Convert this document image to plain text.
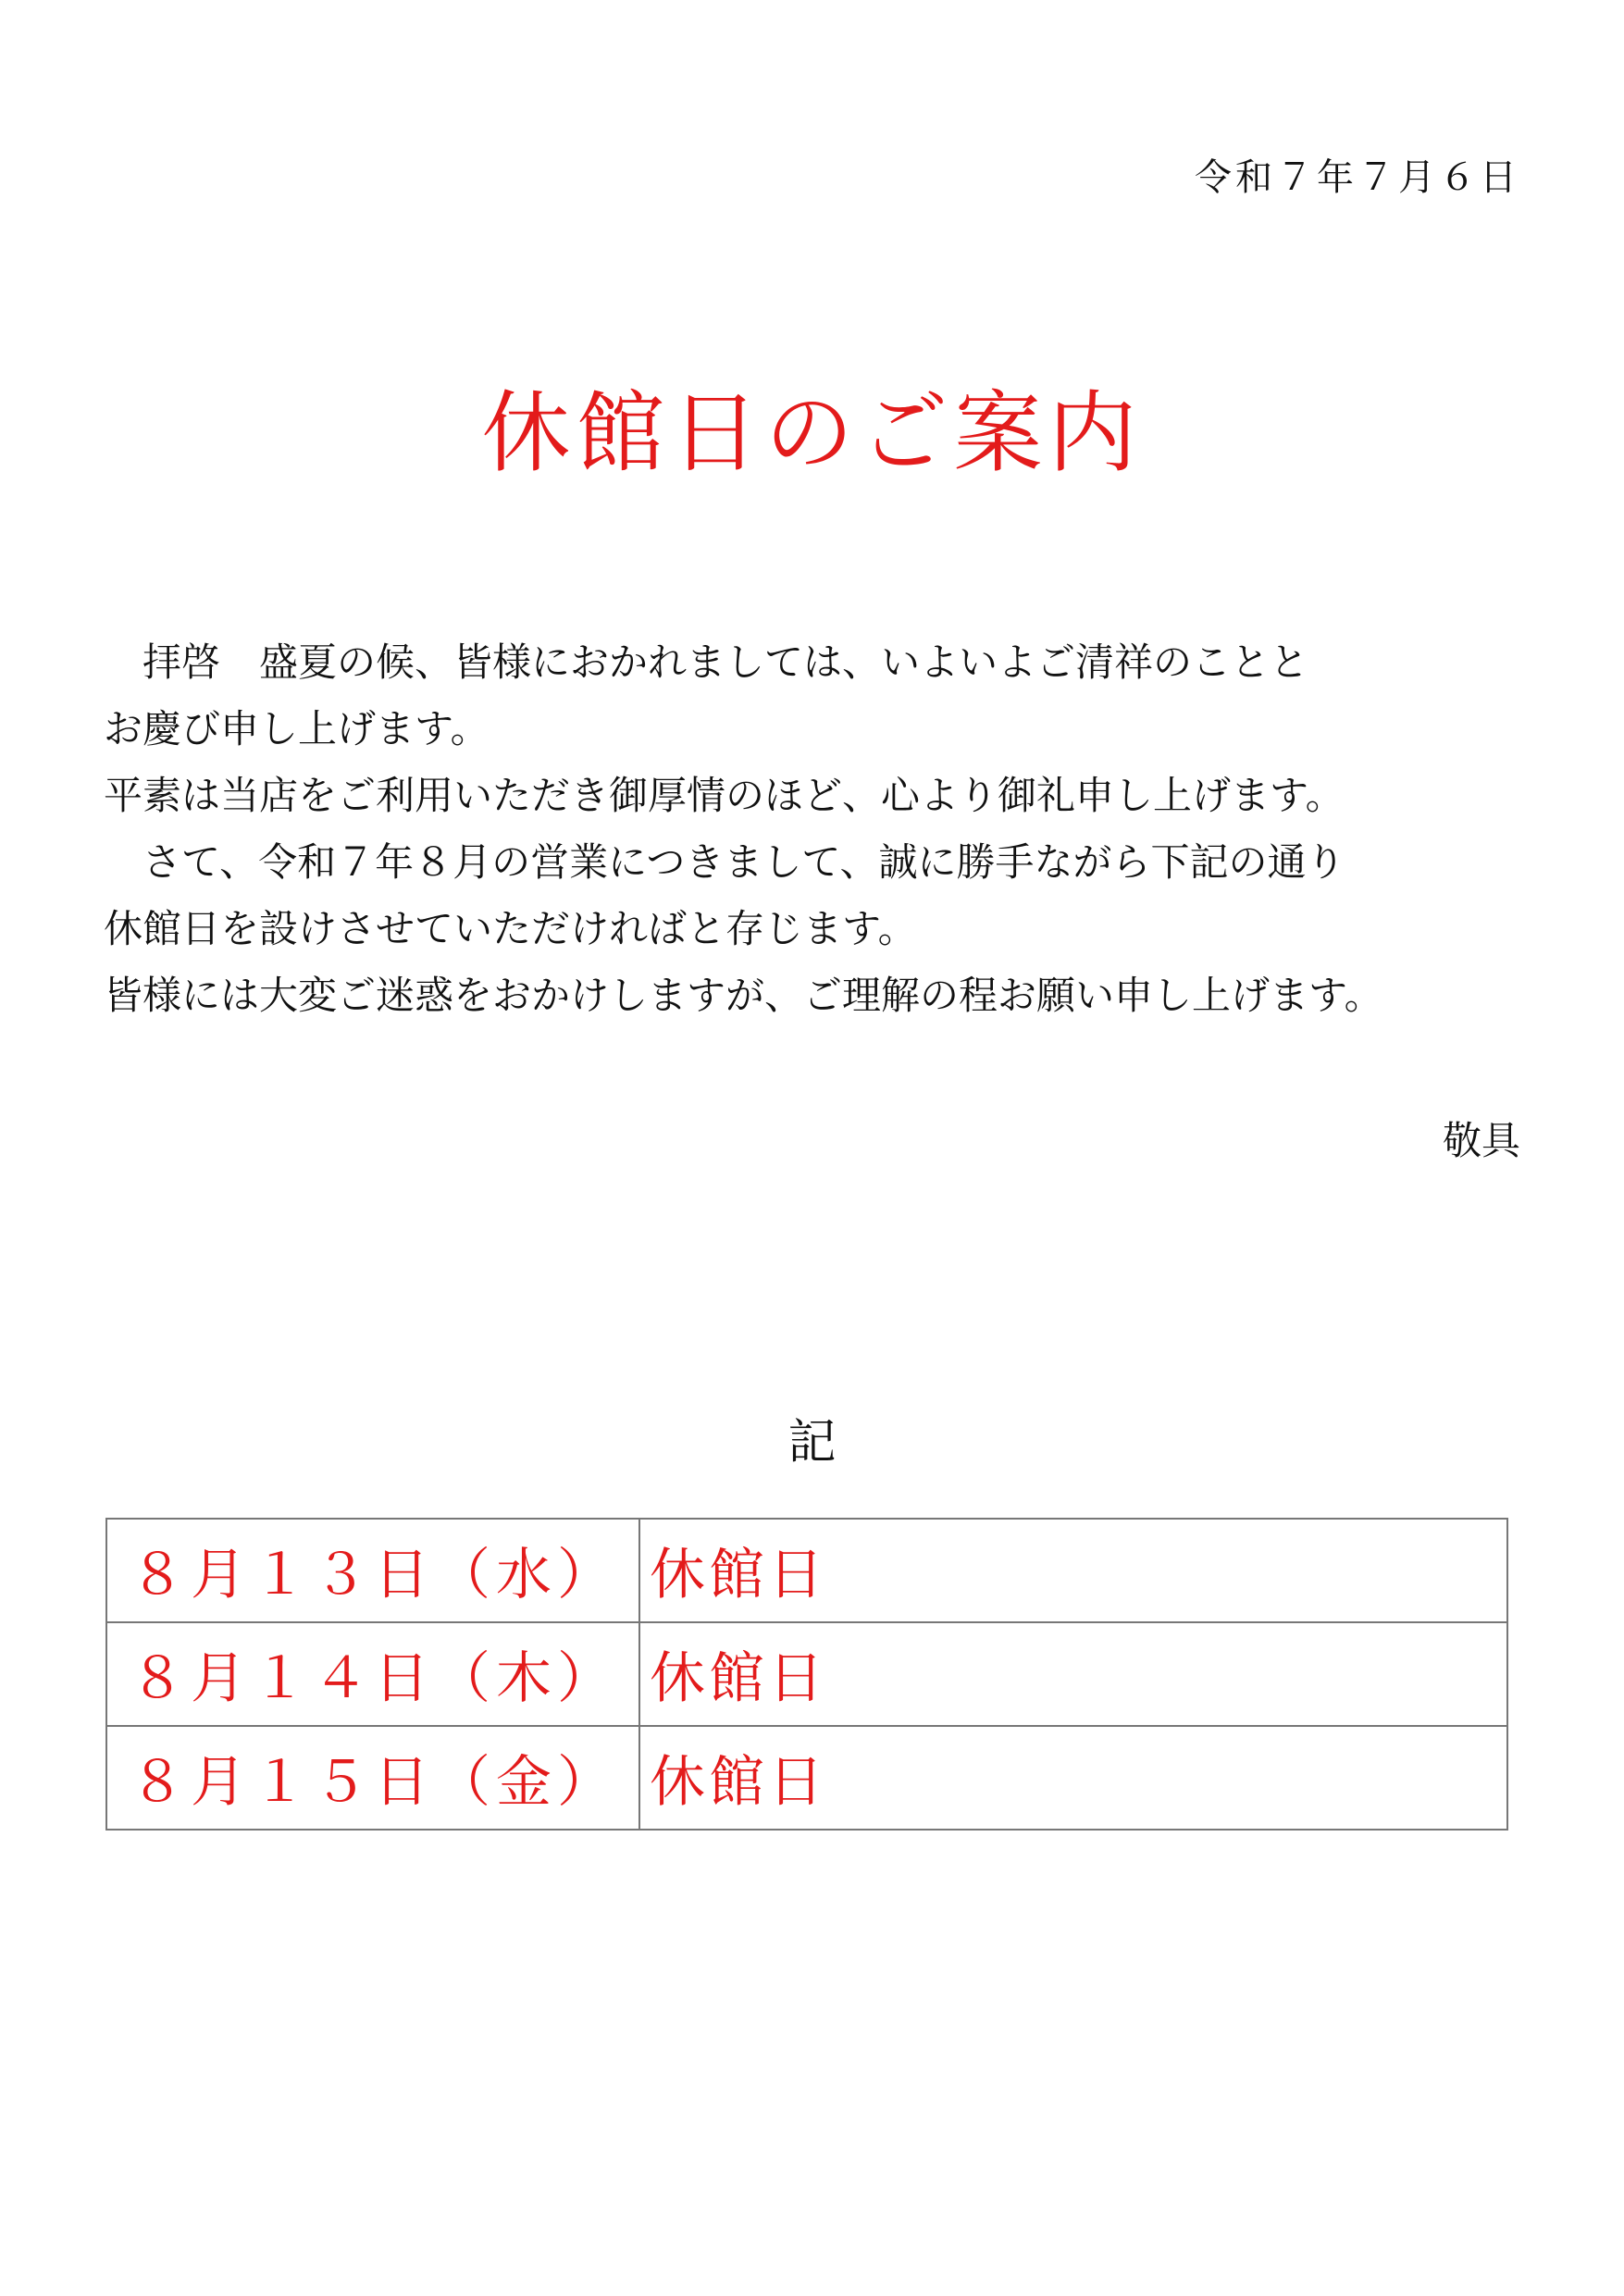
令和７年７月６日
休館日のご案内
　拝啓　盛夏の候、皆様におかれましては、いよいよご清祥のことと
お慶び申し上げます。
平素は当店をご利用いただき御厚情のほど、心より御礼申し上げます。
　さて、令和７年８月の営業につきまして、誠に勝手ながら下記の通り
休館日を設けさせていただければと存じます。
皆様には大変ご迷惑をおかけしますが、ご理解の程お願い申し上げます。
敬具
記
８月１３日（水）	休館日
８月１４日（木）	休館日
８月１５日（金）	休館日
